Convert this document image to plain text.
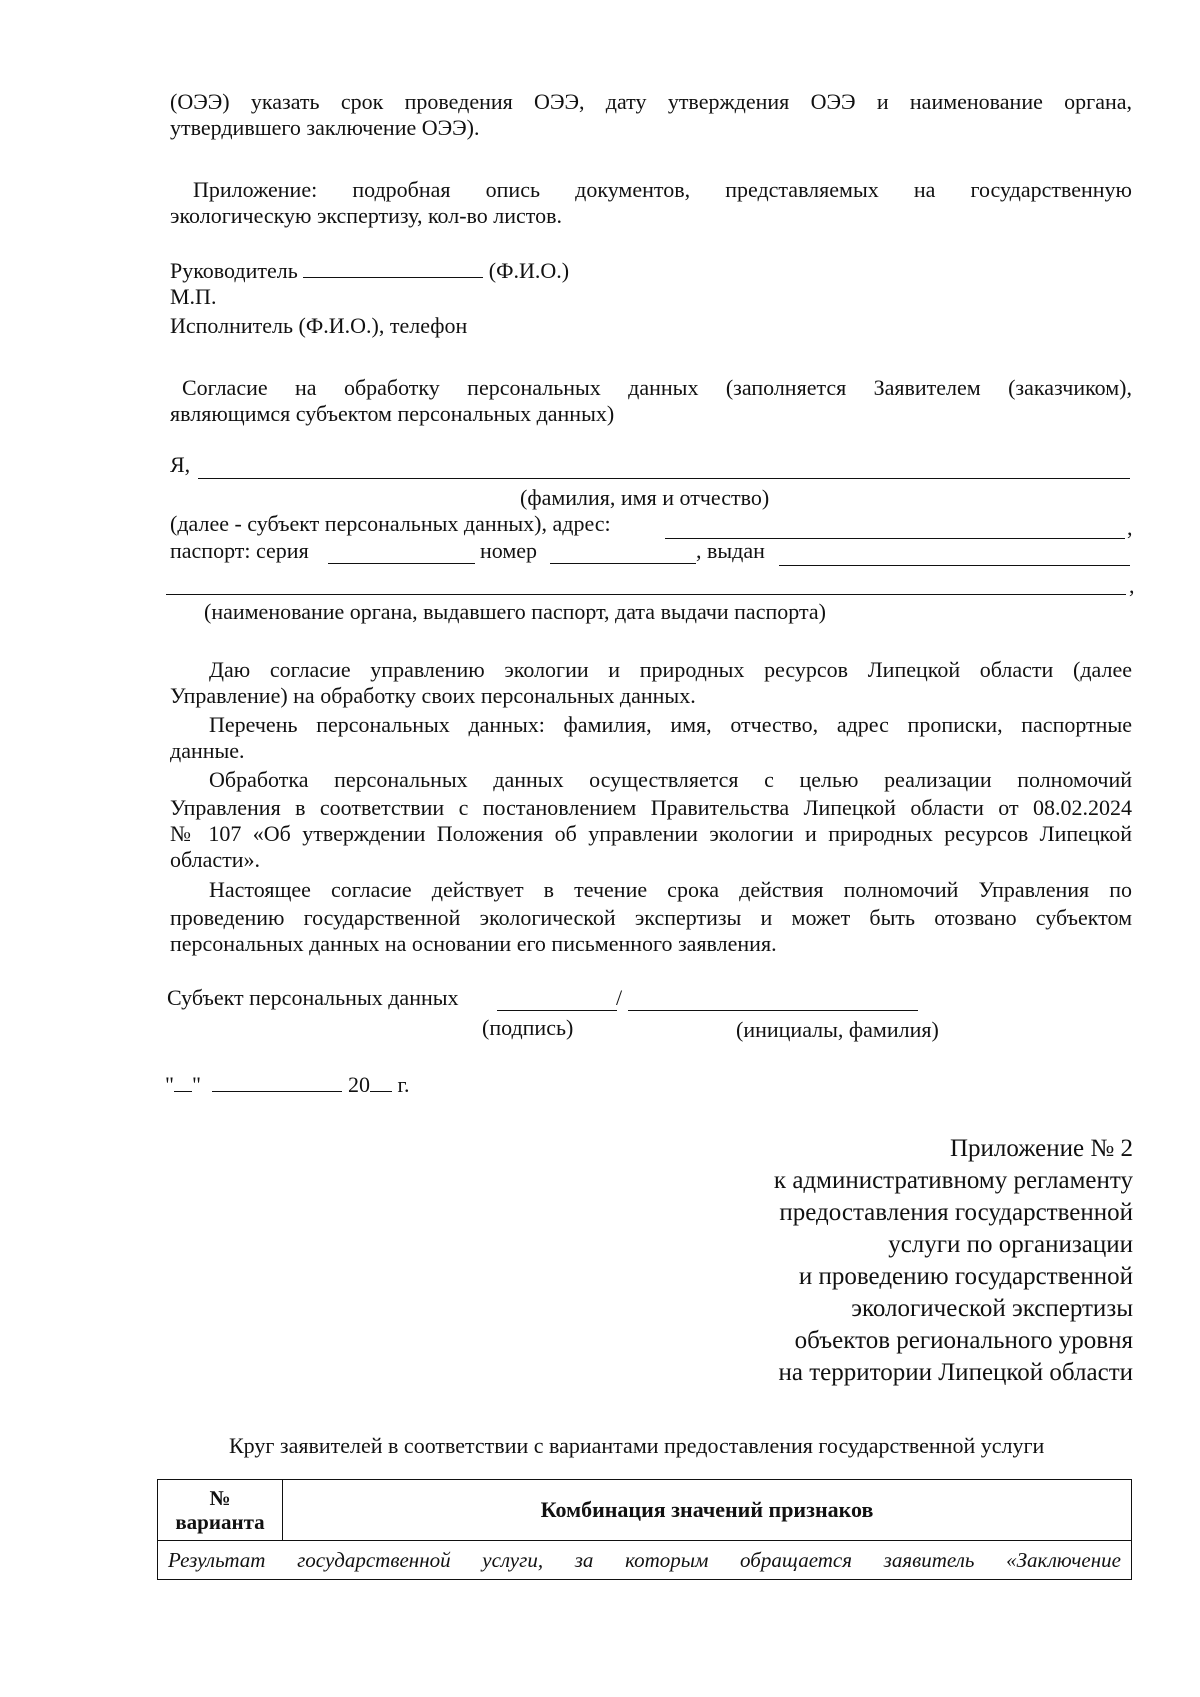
(ОЭЭ) указать срок проведения ОЭЭ, дату утверждения ОЭЭ и наименование органа,
утвердившего заключение ОЭЭ).
Приложение: подробная опись документов, представляемых на государственную
экологическую экспертизу, кол-во листов.
Руководитель	(Ф.И.О.)
М.П.
Исполнитель (Ф.И.О.), телефон
Согласие на обработку персональных данных (заполняется Заявителем (заказчиком),
являющимся субъектом персональных данных)
Я,
(фамилия, имя и отчество)
(далее - субъект персональных данных), адрес:	,
паспорт: серия	номер	, выдан
,
(наименование органа, выдавшего паспорт, дата выдачи паспорта)
Даю согласие управлению экологии и природных ресурсов Липецкой области (далее
Управление) на обработку своих персональных данных.
Перечень персональных данных: фамилия, имя, отчество, адрес прописки, паспортные
данные.
Обработка персональных данных осуществляется с целью реализации полномочий
Управления в соответствии с постановлением Правительства Липецкой области от 08.02.2024
№ 107 «Об утверждении Положения об управлении экологии и природных ресурсов Липецкой
области».
Настоящее согласие действует в течение срока действия полномочий Управления по
проведению государственной экологической экспертизы и может быть отозвано субъектом
персональных данных на основании его письменного заявления.
Субъект персональных данных	/
(подпись)	(инициалы, фамилия)
" "	20 г.
Приложение № 2
к административному регламенту
предоставления государственной
услуги по организации
и проведению государственной
экологической экспертизы
объектов регионального уровня
на территории Липецкой области
Круг заявителей в соответствии с вариантами предоставления государственной услуги
№
варианта	Комбинация значений признаков
Результат государственной услуги, за которым обращается заявитель «Заключение
